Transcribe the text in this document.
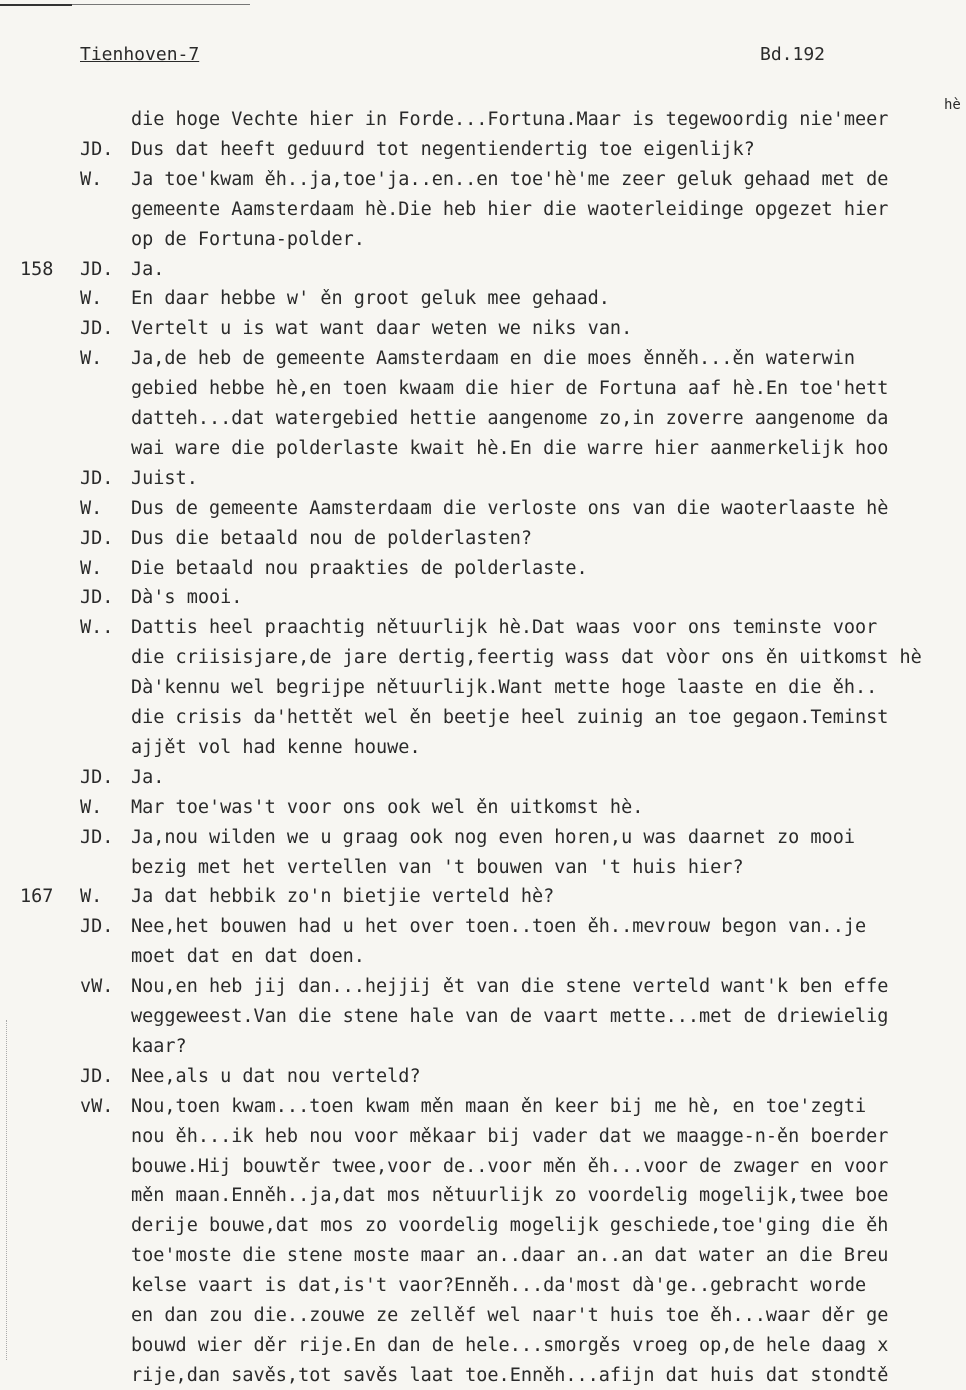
Tienhoven-7	Bd.192
hè
die hoge Vechte hier in Forde...Fortuna.Maar is tegewoordig nie'meer
JD. Dus dat heeft geduurd tot negentiendertig toe eigenlijk?
W. Ja toe'kwam ěh..ja,toe'ja..en..en toe'hè'me zeer geluk gehaad met de
gemeente Aamsterdaam hè.Die heb hier die waoterleidinge opgezet hier
op de Fortuna-polder.
158 JD. Ja.
W. En daar hebbe w' ěn groot geluk mee gehaad.
JD. Vertelt u is wat want daar weten we niks van.
W. Ja,de heb de gemeente Aamsterdaam en die moes ěnněh...ěn waterwin
gebied hebbe hè,en toen kwaam die hier de Fortuna aaf hè.En toe'hett
datteh...dat watergebied hettie aangenome zo,in zoverre aangenome da
wai ware die polderlaste kwait hè.En die warre hier aanmerkelijk hoo
JD. Juist.
W. Dus de gemeente Aamsterdaam die verloste ons van die waoterlaaste hè
JD. Dus die betaald nou de polderlasten?
W. Die betaald nou praakties de polderlaste.
JD. Dà's mooi.
W.. Dattis heel praachtig nětuurlijk hè.Dat waas voor ons teminste voor
die criisisjare,de jare dertig,feertig wass dat vòor ons ěn uitkomst hè
Dà'kennu wel begrijpe nětuurlijk.Want mette hoge laaste en die ěh..
die crisis da'hettět wel ěn beetje heel zuinig an toe gegaon.Teminst
ajjět vol had kenne houwe.
JD. Ja.
W. Mar toe'was't voor ons ook wel ěn uitkomst hè.
JD. Ja,nou wilden we u graag ook nog even horen,u was daarnet zo mooi
bezig met het vertellen van 't bouwen van 't huis hier?
167 W. Ja dat hebbik zo'n bietjie verteld hè?
JD. Nee,het bouwen had u het over toen..toen ěh..mevrouw begon van..je
moet dat en dat doen.
vW. Nou,en heb jij dan...hejjij ět van die stene verteld want'k ben effe
weggeweest.Van die stene hale van de vaart mette...met de driewielig
kaar?
JD. Nee,als u dat nou verteld?
vW. Nou,toen kwam...toen kwam měn maan ěn keer bij me hè, en toe'zegti
nou ěh...ik heb nou voor měkaar bij vader dat we maagge-n-ěn boerder
bouwe.Hij bouwtěr twee,voor de..voor měn ěh...voor de zwager en voor
měn maan.Enněh..ja,dat mos nětuurlijk zo voordelig mogelijk,twee boe
derije bouwe,dat mos zo voordelig mogelijk geschiede,toe'ging die ěh
toe'moste die stene moste maar an..daar an..an dat water an die Breu
kelse vaart is dat,is't vaor?Enněh...da'most dà'ge..gebracht worde
en dan zou die..zouwe ze zellěf wel naar't huis toe ěh...waar děr ge
bouwd wier děr rije.En dan de hele...smorgěs vroeg op,de hele daag x
rije,dan savěs,tot savěs laat toe.Enněh...afijn dat huis dat stondtě
